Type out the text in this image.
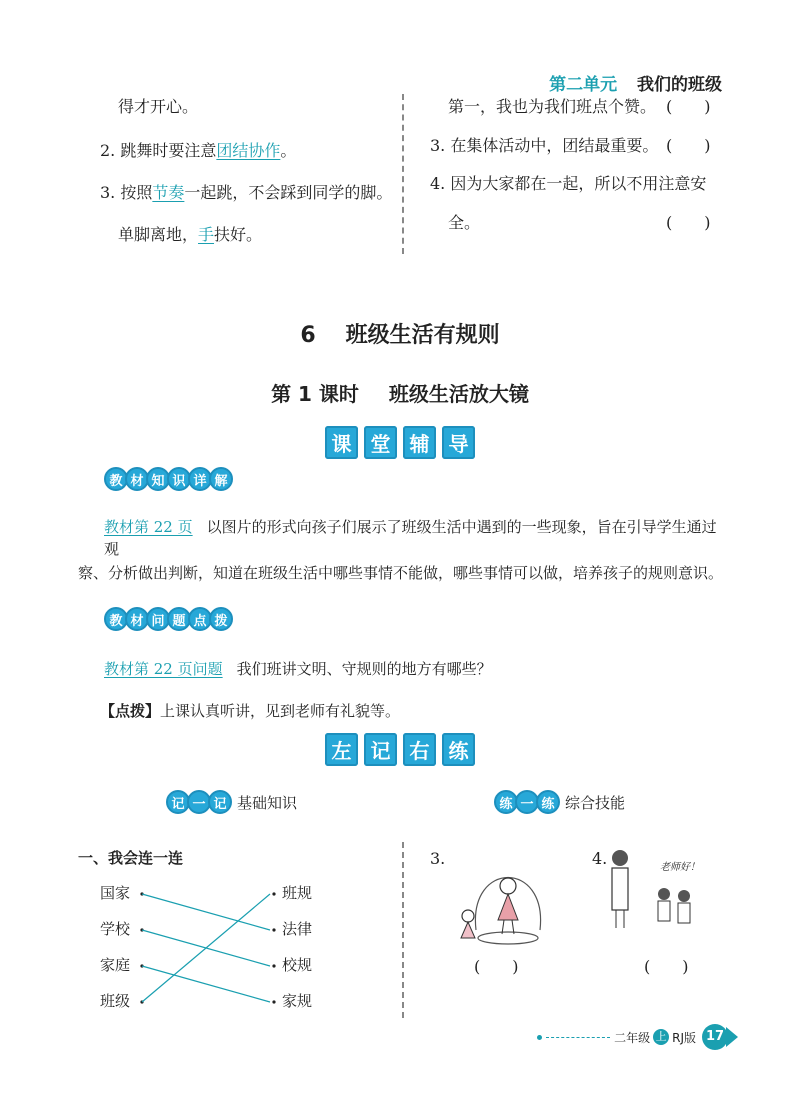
第二单元 我们的班级
得才开心。
2. 跳舞时要注意团结协作。
3. 按照节奏一起跳，不会踩到同学的脚。
单脚离地，手扶好。
第一，我也为我们班点个赞。 (　　)
3. 在集体活动中，团结最重要。 (　　)
4. 因为大家都在一起，所以不用注意安
全。	(　　)
6 班级生活有规则
第 1 课时 班级生活放大镜
课 堂 辅 导
教 材 知 识 详 解
教材第 22 页 以图片的形式向孩子们展示了班级生活中遇到的一些现象，旨在引导学生通过观
察、分析做出判断，知道在班级生活中哪些事情不能做，哪些事情可以做，培养孩子的规则意识。
教 材 问 题 点 拨
教材第 22 页问题 我们班讲文明、守规则的地方有哪些？
【点拨】上课认真听讲，见到老师有礼貌等。
左 记 右 练
记 一 记 基础知识	练 一 练 综合技能
一、我会连一连
国家
学校
家庭
班级
班规
法律
校规
家规
3.
(　　)
4.	老师好！
(　　)
二年级 上 RJ版 17
